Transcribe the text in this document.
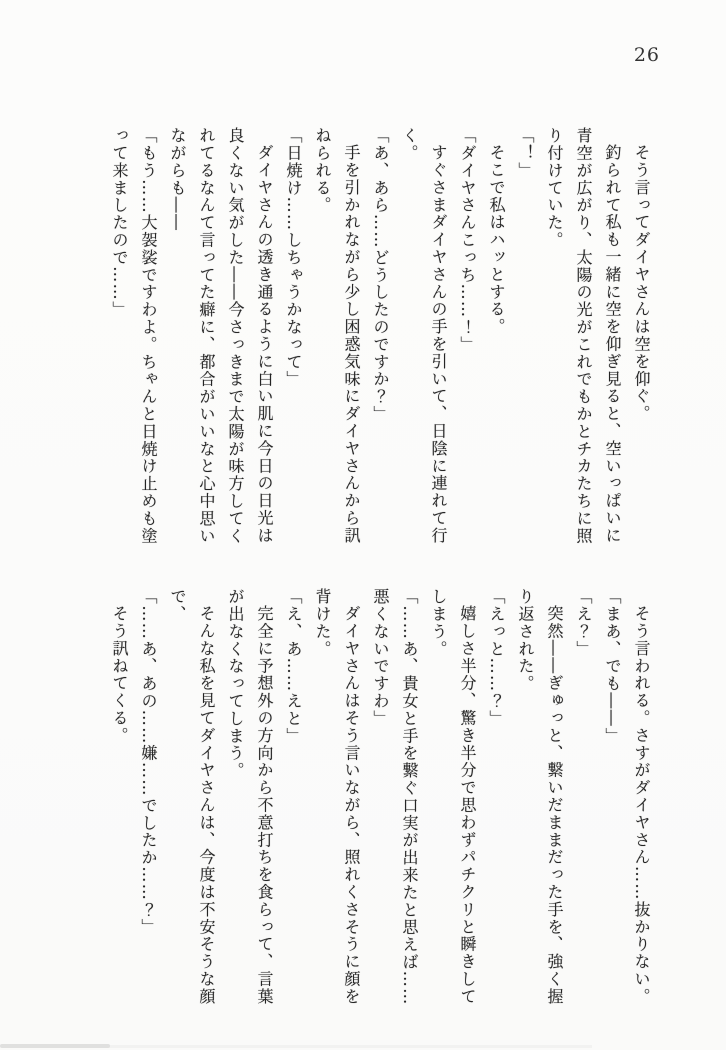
26
そう言ってダイヤさんは空を仰ぐ。
釣られて私も一緒に空を仰ぎ見ると、空いっぱいに
青空が広がり、太陽の光がこれでもかとチカたちに照
り付けていた。
「！」
そこで私はハッとする。
「ダイヤさんこっち……！」
すぐさまダイヤさんの手を引いて、日陰に連れて行
く。
「あ、あら……どうしたのですか？」
手を引かれながら少し困惑気味にダイヤさんから訊
ねられる。
「日焼け……しちゃうかなって」
ダイヤさんの透き通るように白い肌に今日の日光は
良くない気がした――今さっきまで太陽が味方してく
れてるなんて言ってた癖に、都合がいいなと心中思い
ながらも――
「もう……大袈裟ですわよ。ちゃんと日焼け止めも塗
って来ましたので……」
そう言われる。さすがダイヤさん……抜かりない。
「まあ、でも――」
「え？」
突然――ぎゅっと、繋いだままだった手を、強く握
り返された。
「えっと……？」
嬉しさ半分、驚き半分で思わずパチクリと瞬きして
しまう。
「……あ、貴女と手を繋ぐ口実が出来たと思えば……
悪くないですわ」
ダイヤさんはそう言いながら、照れくさそうに顔を
背けた。
「え、あ……えと」
完全に予想外の方向から不意打ちを食らって、言葉
が出なくなってしまう。
そんな私を見てダイヤさんは、今度は不安そうな顔
で、
「……あ、あの……嫌……でしたか……？」
そう訊ねてくる。
